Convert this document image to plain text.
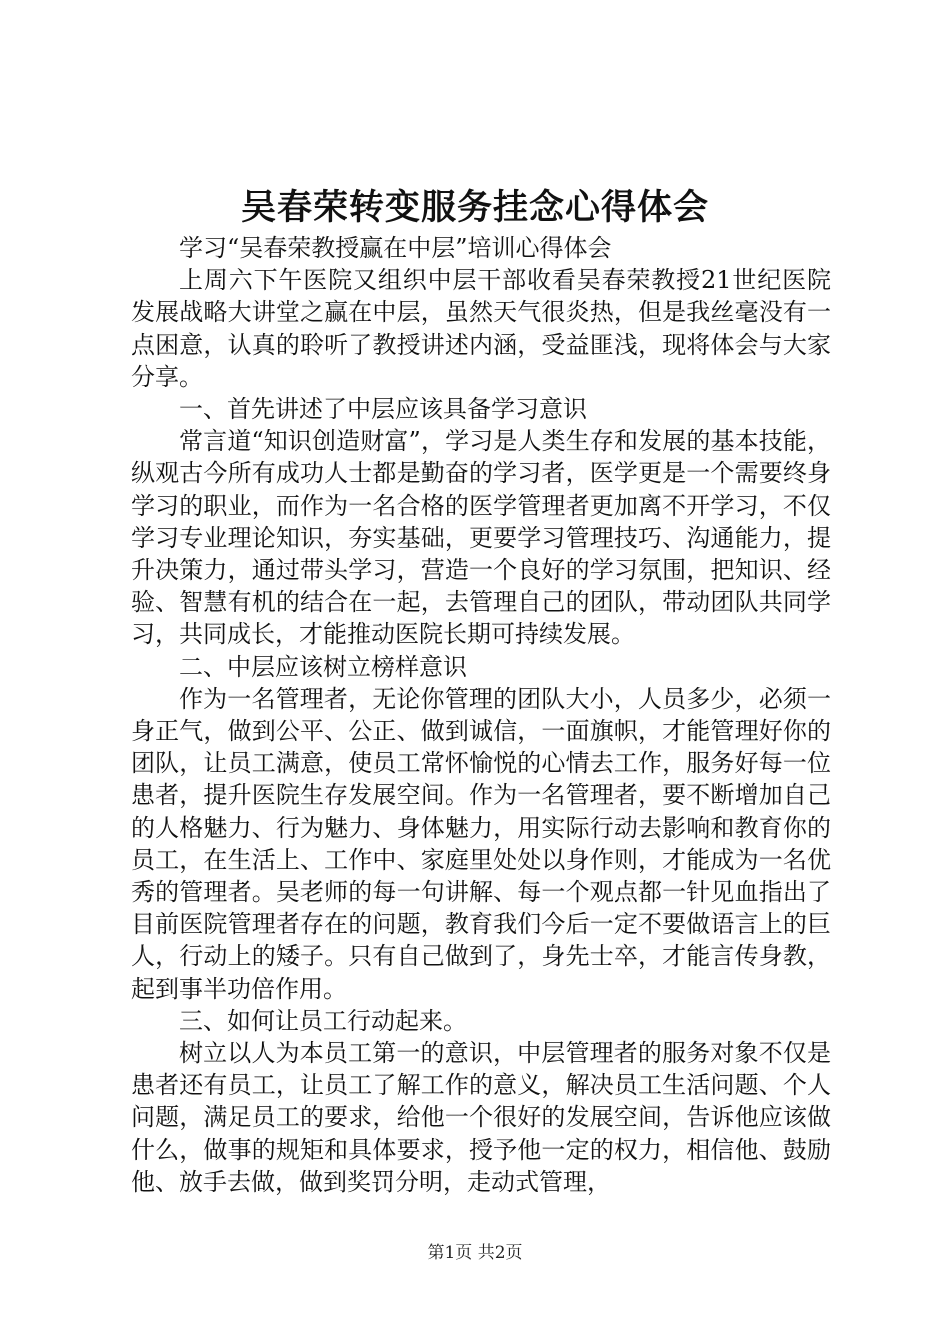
吴春荣转变服务挂念心得体会

学习“吴春荣教授赢在中层”培训心得体会

上周六下午医院又组织中层干部收看吴春荣教授21世纪医院发展战略大讲堂之赢在中层，虽然天气很炎热，但是我丝毫没有一点困意，认真的聆听了教授讲述内涵，受益匪浅，现将体会与大家分享。

一、首先讲述了中层应该具备学习意识

常言道“知识创造财富”，学习是人类生存和发展的基本技能，纵观古今所有成功人士都是勤奋的学习者，医学更是一个需要终身学习的职业，而作为一名合格的医学管理者更加离不开学习，不仅学习专业理论知识，夯实基础，更要学习管理技巧、沟通能力，提升决策力，通过带头学习，营造一个良好的学习氛围，把知识、经验、智慧有机的结合在一起，去管理自己的团队，带动团队共同学习，共同成长，才能推动医院长期可持续发展。

二、中层应该树立榜样意识

作为一名管理者，无论你管理的团队大小，人员多少，必须一身正气，做到公平、公正、做到诚信，一面旗帜，才能管理好你的团队，让员工满意，使员工常怀愉悦的心情去工作，服务好每一位患者，提升医院生存发展空间。作为一名管理者，要不断增加自己的人格魅力、行为魅力、身体魅力，用实际行动去影响和教育你的员工，在生活上、工作中、家庭里处处以身作则，才能成为一名优秀的管理者。吴老师的每一句讲解、每一个观点都一针见血指出了目前医院管理者存在的问题，教育我们今后一定不要做语言上的巨人，行动上的矮子。只有自己做到了，身先士卒，才能言传身教，起到事半功倍作用。

三、如何让员工行动起来。

树立以人为本员工第一的意识，中层管理者的服务对象不仅是患者还有员工，让员工了解工作的意义，解决员工生活问题、个人问题，满足员工的要求，给他一个很好的发展空间，告诉他应该做什么，做事的规矩和具体要求，授予他一定的权力，相信他、鼓励他、放手去做，做到奖罚分明，走动式管理，

第1页 共2页
